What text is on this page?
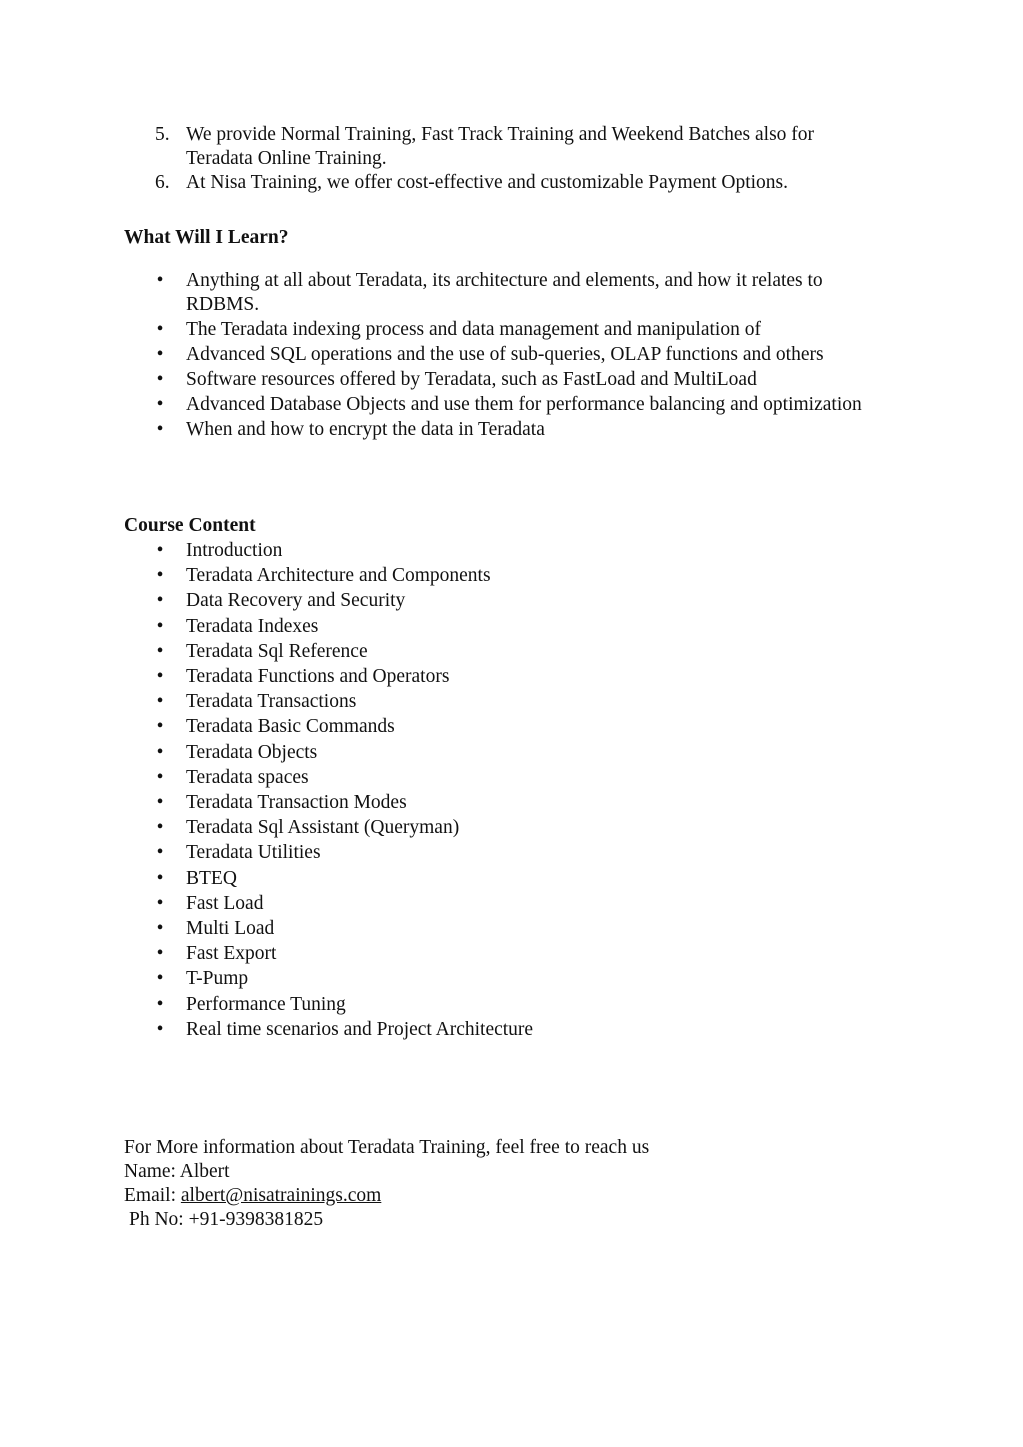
5. We provide Normal Training, Fast Track Training and Weekend Batches also for Teradata Online Training.
6. At Nisa Training, we offer cost-effective and customizable Payment Options.
What Will I Learn?
• Anything at all about Teradata, its architecture and elements, and how it relates to RDBMS.
• The Teradata indexing process and data management and manipulation of
• Advanced SQL operations and the use of sub-queries, OLAP functions and others
• Software resources offered by Teradata, such as FastLoad and MultiLoad
• Advanced Database Objects and use them for performance balancing and optimization
• When and how to encrypt the data in Teradata
Course Content
• Introduction
• Teradata Architecture and Components
• Data Recovery and Security
• Teradata Indexes
• Teradata Sql Reference
• Teradata Functions and Operators
• Teradata Transactions
• Teradata Basic Commands
• Teradata Objects
• Teradata spaces
• Teradata Transaction Modes
• Teradata Sql Assistant (Queryman)
• Teradata Utilities
• BTEQ
• Fast Load
• Multi Load
• Fast Export
• T-Pump
• Performance Tuning
• Real time scenarios and Project Architecture
For More information about Teradata Training, feel free to reach us
Name: Albert
Email: albert@nisatrainings.com
Ph No: +91-9398381825
